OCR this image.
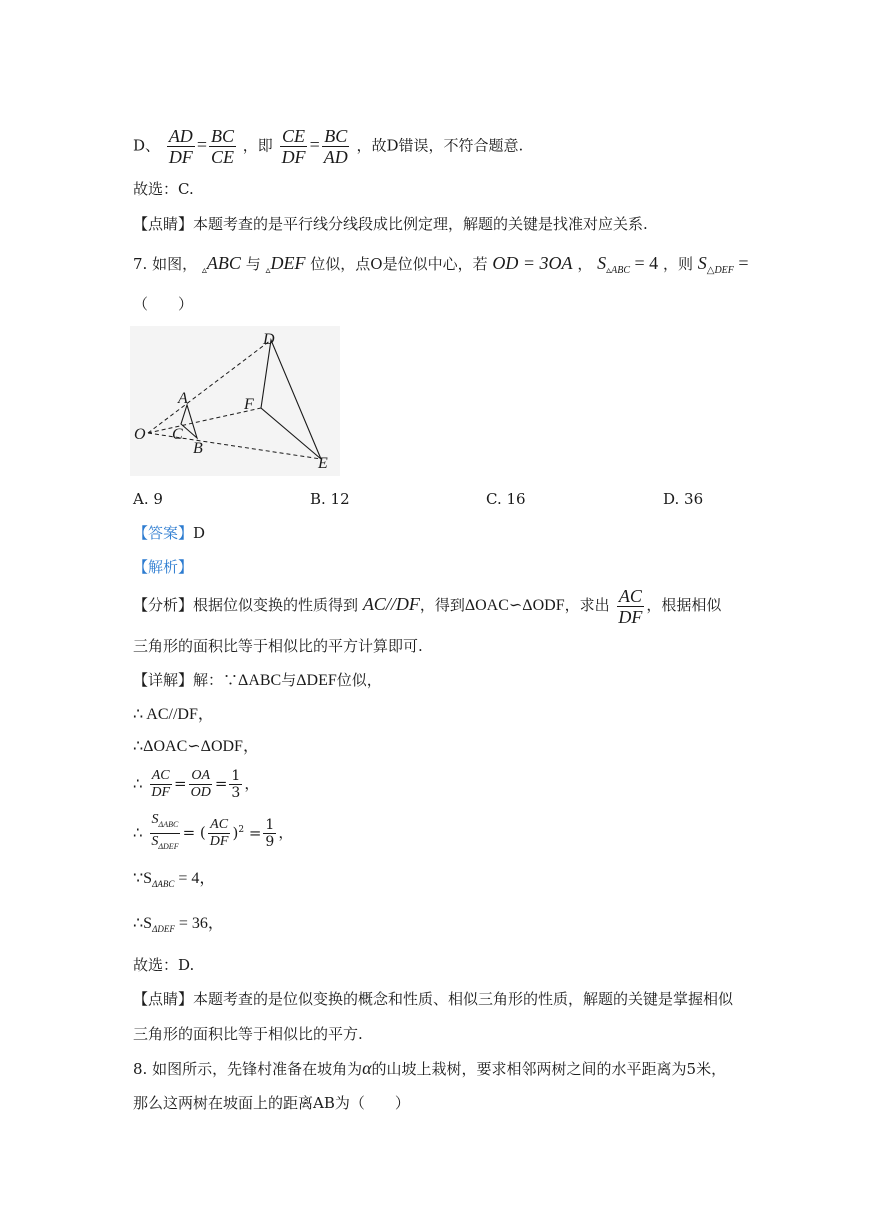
D、 $\frac{AD}{DF} = \frac{BC}{CE}$ ，即 $\frac{CE}{DF} = \frac{BC}{AD}$ ，故D错误，不符合题意.
故选：C.
【点睛】本题考查的是平行线分线段成比例定理，解题的关键是找准对应关系.
7. 如图， $_▵$ABC 与 $_▵$DEF 位似，点O是位似中心，若 OD = 3OA ， $S_{▵ABC} = 4$ ，则 $S_{\triangle DEF}$ =
（　　）
D
A	F
O C
B
E
A. 9	B. 12	C. 16	D. 36
【答案】D
【解析】
【分析】根据位似变换的性质得到 AC//DF，得到ΔOAC∽ΔODF，求出 $\frac{AC}{DF}$ ，根据相似
三角形的面积比等于相似比的平方计算即可.
【详解】解：∵ΔABC与ΔDEF位似，
∴ AC//DF，
∴ΔOAC∽ΔODF，
∴ $\frac{AC}{DF} = \frac{OA}{OD} = \frac{1}{3}$ ，
∴ $\frac{S_{\Delta ABC}}{S_{\Delta DEF}}$ = ( $\frac{AC}{DF} )^2 = \frac{1}{9}$ ，
$\because S_{\Delta ABC} = 4$，
$\therefore S_{\Delta DEF} = 36$，
故选：D.
【点睛】本题考查的是位似变换的概念和性质、相似三角形的性质，解题的关键是掌握相似
三角形的面积比等于相似比的平方.
8. 如图所示，先锋村准备在坡角为α的山坡上栽树，要求相邻两树之间的水平距离为5米，
那么这两树在坡面上的距离AB为（　　）
